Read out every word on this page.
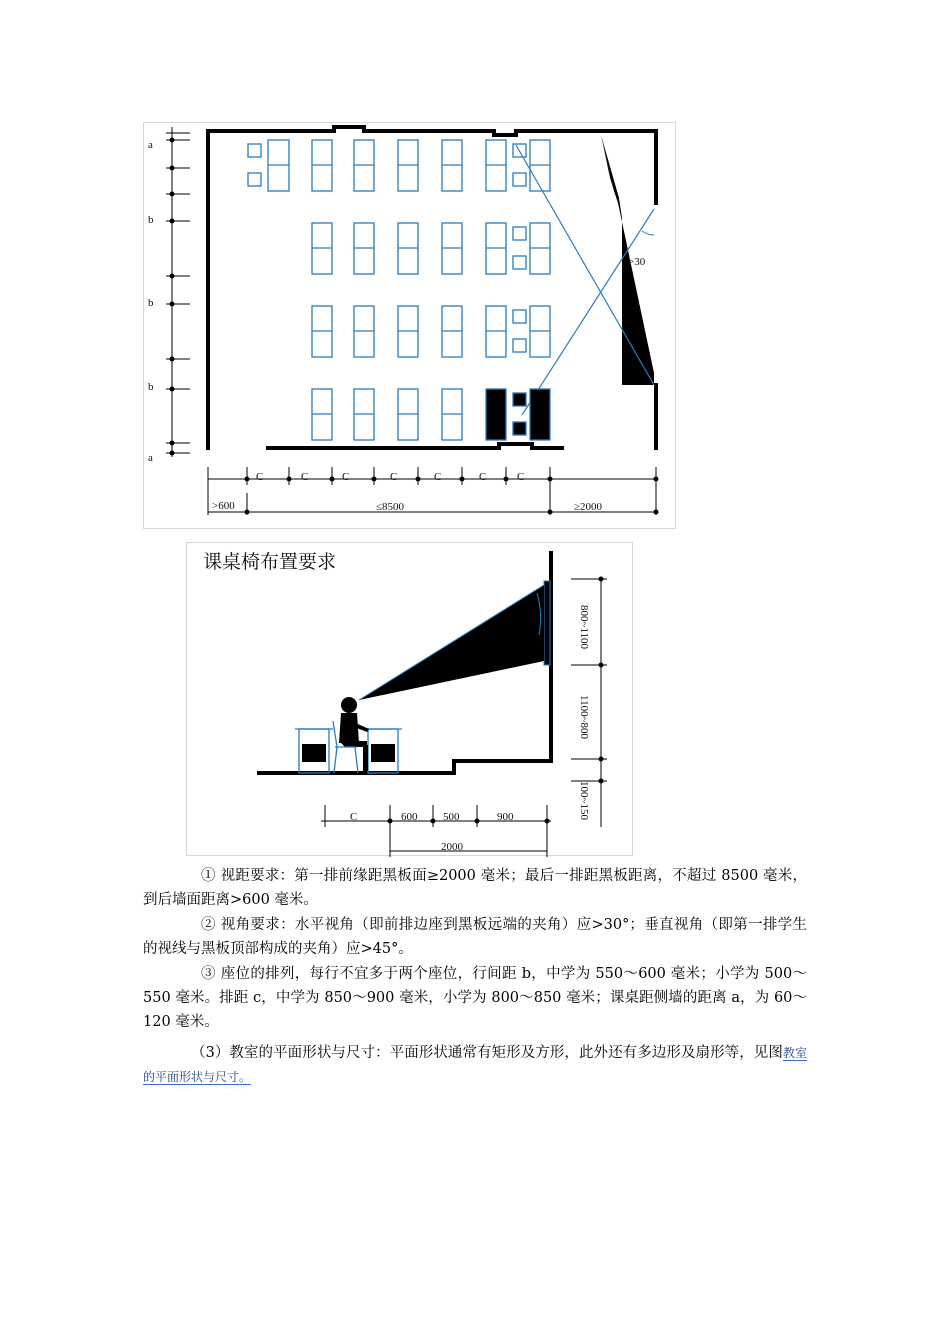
>30
a
b
b
b
a
C	C	C	C	C	C	C
>600	≤8500	≥2000
课桌椅布置要求
800~1100
1100~800
100~150
C	600 500	900
2000
① 视距要求：第一排前缘距黑板面≥2000 毫米；最后一排距黑板距离，不超过 8500 毫米，到后墙面距离>600 毫米。
② 视角要求：水平视角（即前排边座到黑板远端的夹角）应>30°；垂直视角（即第一排学生的视线与黑板顶部构成的夹角）应>45°。
③ 座位的排列，每行不宜多于两个座位，行间距 b，中学为 550～600 毫米；小学为 500～550 毫米。排距 c，中学为 850～900 毫米，小学为 800～850 毫米；课桌距侧墙的距离 a，为 60～120 毫米。
（3）教室的平面形状与尺寸：平面形状通常有矩形及方形，此外还有多边形及扇形等，见图教室的平面形状与尺寸。
